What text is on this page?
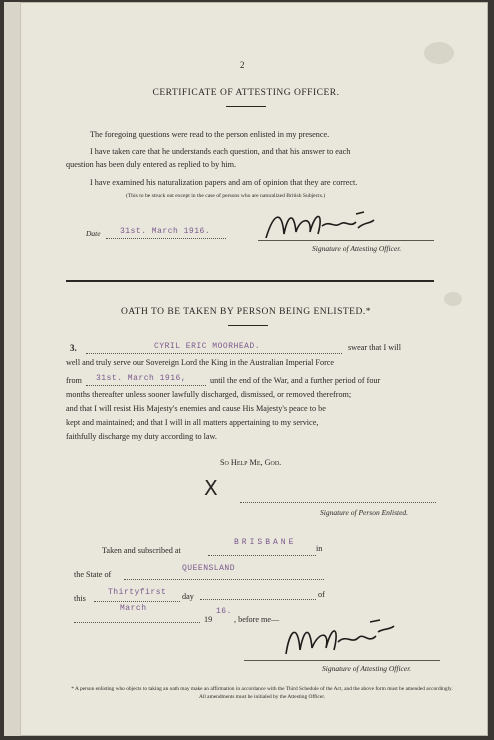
2
CERTIFICATE OF ATTESTING OFFICER.
The foregoing questions were read to the person enlisted in my presence.
I have taken care that he understands each question, and that his answer to each
question has been duly entered as replied to by him.
I have examined his naturalization papers and am of opinion that they are correct.
(This to be struck out except in the case of persons who are naturalized British Subjects.)
Date 31st. March 1916.
Signature of Attesting Officer.
OATH TO BE TAKEN BY PERSON BEING ENLISTED.*
3.	CYRIL ERIC MOORHEAD.	swear that I will
well and truly serve our Sovereign Lord the King in the Australian Imperial Force
from 31st. March 1916,	until the end of the War, and a further period of four
months thereafter unless sooner lawfully discharged, dismissed, or removed therefrom;
and that I will resist His Majesty's enemies and cause His Majesty's peace to be
kept and maintained; and that I will in all matters appertaining to my service,
faithfully discharge my duty according to law.
So Help Me, God.
X
Signature of Person Enlisted.
Taken and subscribed at
BRISBANE
in
the State of
QUEENSLAND
this
Thirtyfirst day	of
March
19
16.
, before me—
Signature of Attesting Officer.
* A person enlisting who objects to taking an oath may make an affirmation in accordance with the Third Schedule of the Act, and the above form must be amended accordingly. All amendments must be initialed by the Attesting Officer.
